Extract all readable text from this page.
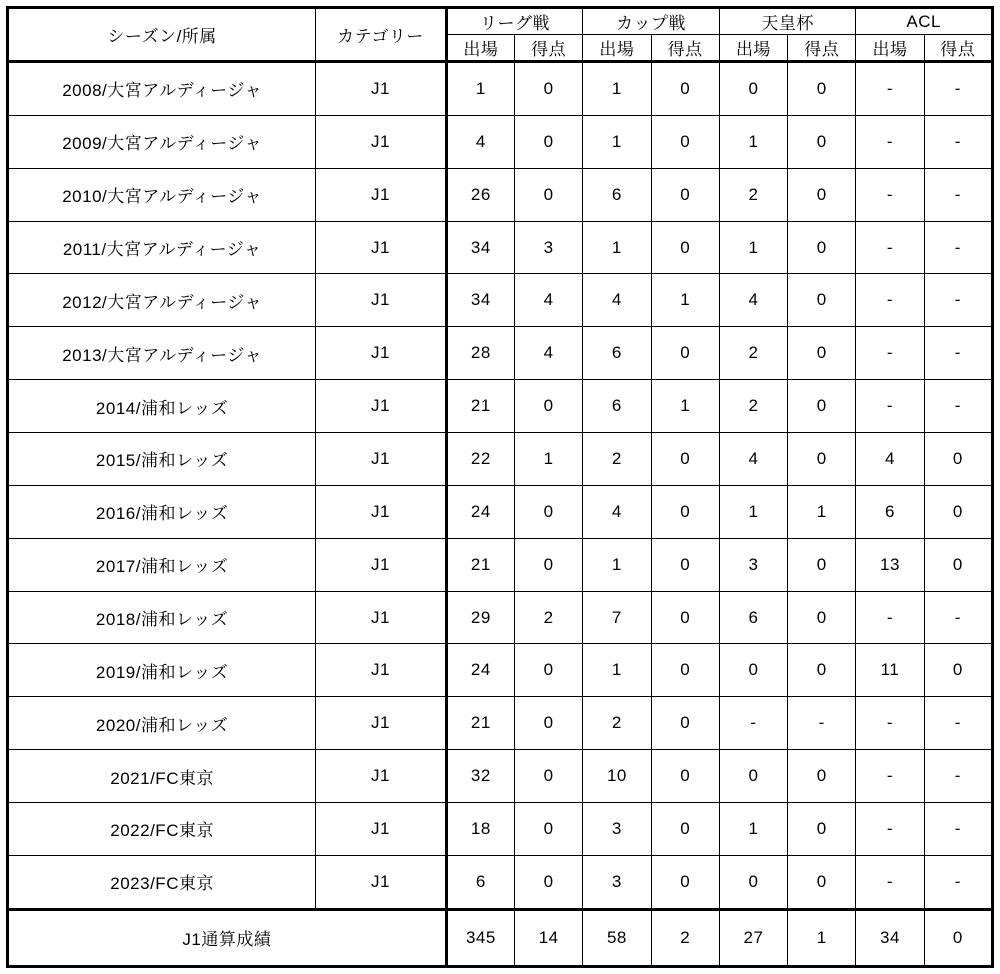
シーズン/所属	カテゴリー	リーグ戦		カップ戦		天皇杯		ACL	
		出場	得点	出場	得点	出場	得点	出場	得点
2008/大宮アルディージャ	J1	1	0	1	0	0	0	-	-
2009/大宮アルディージャ	J1	4	0	1	0	1	0	-	-
2010/大宮アルディージャ	J1	26	0	6	0	2	0	-	-
2011/大宮アルディージャ	J1	34	3	1	0	1	0	-	-
2012/大宮アルディージャ	J1	34	4	4	1	4	0	-	-
2013/大宮アルディージャ	J1	28	4	6	0	2	0	-	-
2014/浦和レッズ	J1	21	0	6	1	2	0	-	-
2015/浦和レッズ	J1	22	1	2	0	4	0	4	0
2016/浦和レッズ	J1	24	0	4	0	1	1	6	0
2017/浦和レッズ	J1	21	0	1	0	3	0	13	0
2018/浦和レッズ	J1	29	2	7	0	6	0	-	-
2019/浦和レッズ	J1	24	0	1	0	0	0	11	0
2020/浦和レッズ	J1	21	0	2	0	-	-	-	-
2021/FC東京	J1	32	0	10	0	0	0	-	-
2022/FC東京	J1	18	0	3	0	1	0	-	-
2023/FC東京	J1	6	0	3	0	0	0	-	-
J1通算成績		345	14	58	2	27	1	34	0
